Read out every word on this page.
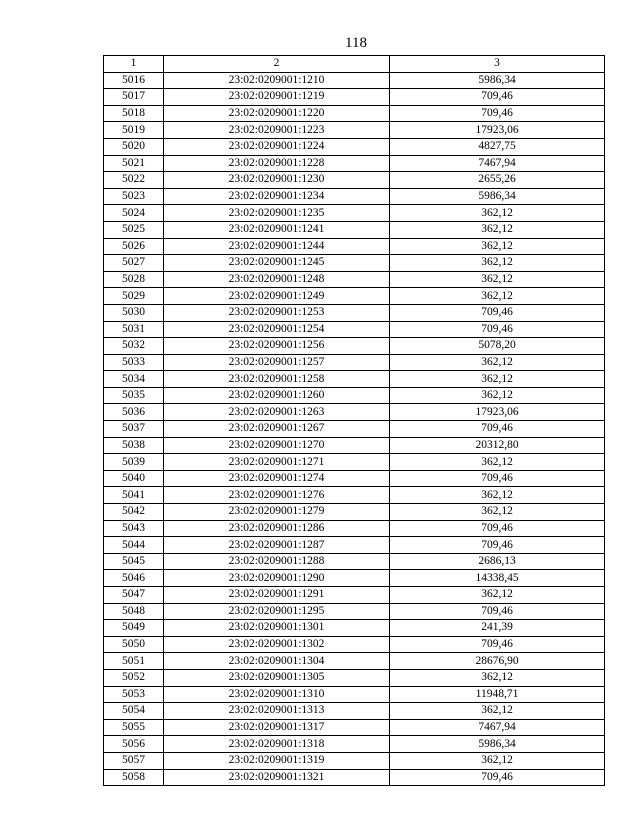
118
1	2	3
5016	23:02:0209001:1210	5986,34
5017	23:02:0209001:1219	709,46
5018	23:02:0209001:1220	709,46
5019	23:02:0209001:1223	17923,06
5020	23:02:0209001:1224	4827,75
5021	23:02:0209001:1228	7467,94
5022	23:02:0209001:1230	2655,26
5023	23:02:0209001:1234	5986,34
5024	23:02:0209001:1235	362,12
5025	23:02:0209001:1241	362,12
5026	23:02:0209001:1244	362,12
5027	23:02:0209001:1245	362,12
5028	23:02:0209001:1248	362,12
5029	23:02:0209001:1249	362,12
5030	23:02:0209001:1253	709,46
5031	23:02:0209001:1254	709,46
5032	23:02:0209001:1256	5078,20
5033	23:02:0209001:1257	362,12
5034	23:02:0209001:1258	362,12
5035	23:02:0209001:1260	362,12
5036	23:02:0209001:1263	17923,06
5037	23:02:0209001:1267	709,46
5038	23:02:0209001:1270	20312,80
5039	23:02:0209001:1271	362,12
5040	23:02:0209001:1274	709,46
5041	23:02:0209001:1276	362,12
5042	23:02:0209001:1279	362,12
5043	23:02:0209001:1286	709,46
5044	23:02:0209001:1287	709,46
5045	23:02:0209001:1288	2686,13
5046	23:02:0209001:1290	14338,45
5047	23:02:0209001:1291	362,12
5048	23:02:0209001:1295	709,46
5049	23:02:0209001:1301	241,39
5050	23:02:0209001:1302	709,46
5051	23:02:0209001:1304	28676,90
5052	23:02:0209001:1305	362,12
5053	23:02:0209001:1310	11948,71
5054	23:02:0209001:1313	362,12
5055	23:02:0209001:1317	7467,94
5056	23:02:0209001:1318	5986,34
5057	23:02:0209001:1319	362,12
5058	23:02:0209001:1321	709,46
